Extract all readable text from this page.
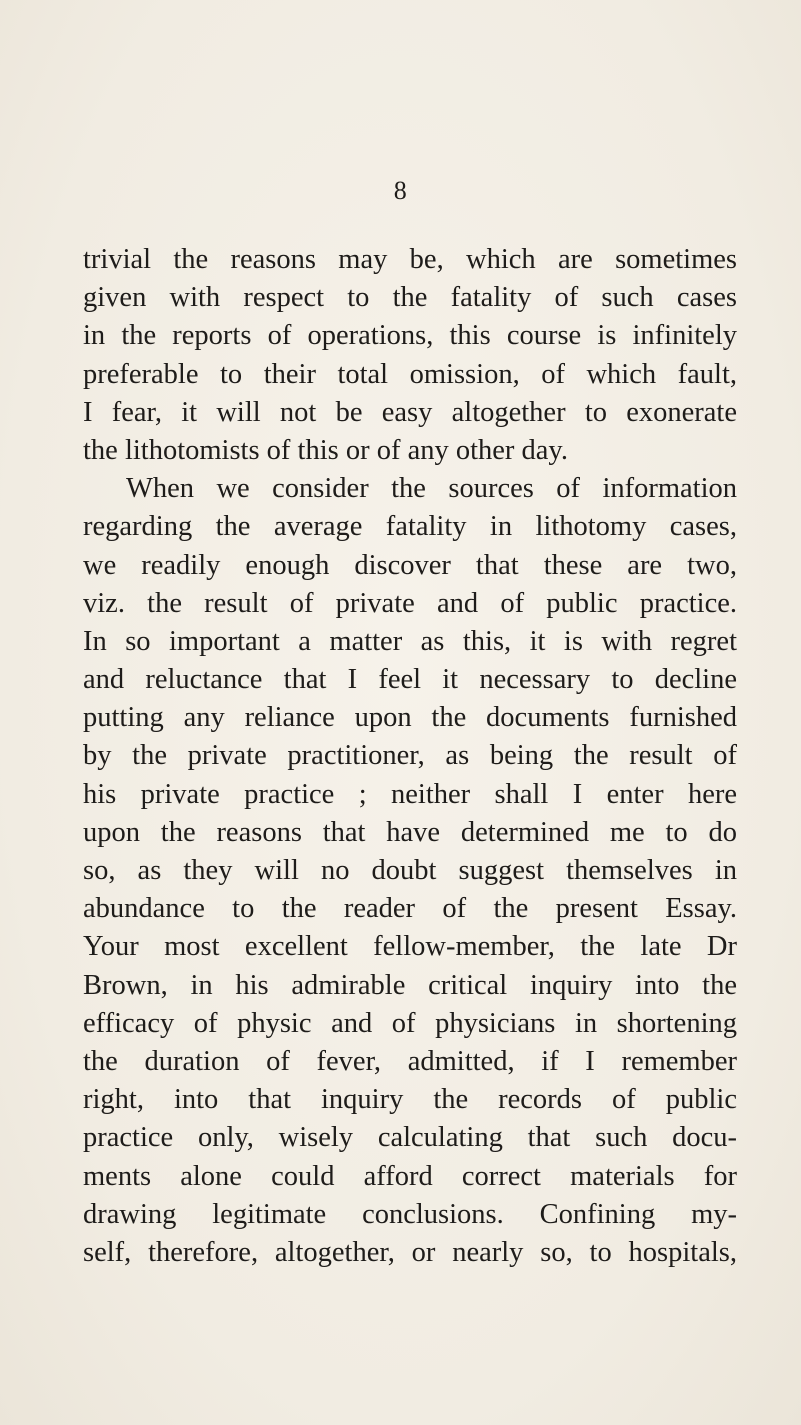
8
trivial the reasons may be, which are sometimes
given with respect to the fatality of such cases
in the reports of operations, this course is infinitely
preferable to their total omission, of which fault,
I fear, it will not be easy altogether to exonerate
the lithotomists of this or of any other day.
When we consider the sources of information
regarding the average fatality in lithotomy cases,
we readily enough discover that these are two,
viz. the result of private and of public practice.
In so important a matter as this, it is with regret
and reluctance that I feel it necessary to decline
putting any reliance upon the documents furnished
by the private practitioner, as being the result of
his private practice ; neither shall I enter here
upon the reasons that have determined me to do
so, as they will no doubt suggest themselves in
abundance to the reader of the present Essay.
Your most excellent fellow-member, the late Dr
Brown, in his admirable critical inquiry into the
efficacy of physic and of physicians in shortening
the duration of fever, admitted, if I remember
right, into that inquiry the records of public
practice only, wisely calculating that such docu-
ments alone could afford correct materials for
drawing legitimate conclusions. Confining my-
self, therefore, altogether, or nearly so, to hospitals,
